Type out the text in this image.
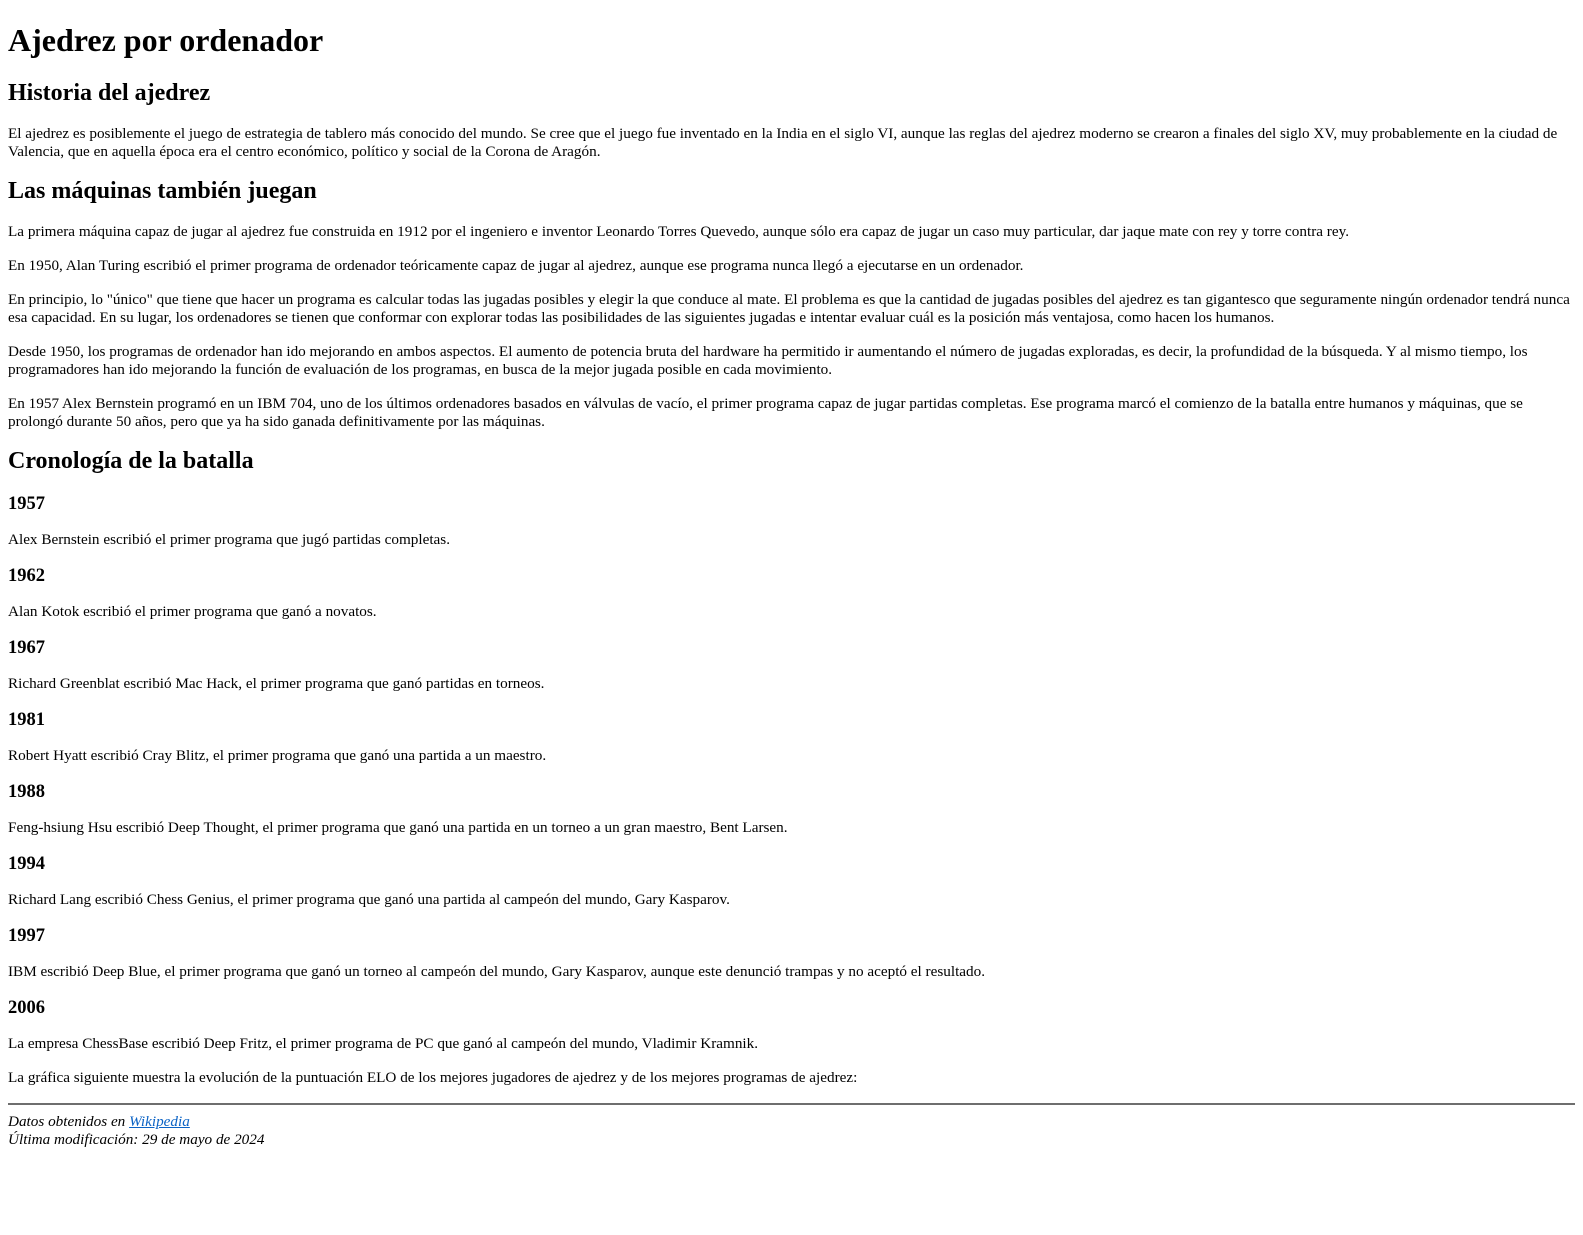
Ajedrez por ordenador
Historia del ajedrez

El ajedrez es posiblemente el juego de estrategia de tablero más conocido del mundo. Se cree que el juego fue inventado en la India en el siglo VI, aunque las reglas del ajedrez moderno se crearon a finales del siglo XV, muy probablemente en la ciudad de Valencia, que en aquella época era el centro económico, político y social de la Corona de Aragón.

Las máquinas también juegan

La primera máquina capaz de jugar al ajedrez fue construida en 1912 por el ingeniero e inventor Leonardo Torres Quevedo, aunque sólo era capaz de jugar un caso muy particular, dar jaque mate con rey y torre contra rey.

En 1950, Alan Turing escribió el primer programa de ordenador teóricamente capaz de jugar al ajedrez, aunque ese programa nunca llegó a ejecutarse en un ordenador.

En principio, lo "único" que tiene que hacer un programa es calcular todas las jugadas posibles y elegir la que conduce al mate. El problema es que la cantidad de jugadas posibles del ajedrez es tan gigantesco que seguramente ningún ordenador tendrá nunca esa capacidad. En su lugar, los ordenadores se tienen que conformar con explorar todas las posibilidades de las siguientes jugadas e intentar evaluar cuál es la posición más ventajosa, como hacen los humanos.

Desde 1950, los programas de ordenador han ido mejorando en ambos aspectos. El aumento de potencia bruta del hardware ha permitido ir aumentando el número de jugadas exploradas, es decir, la profundidad de la búsqueda. Y al mismo tiempo, los programadores han ido mejorando la función de evaluación de los programas, en busca de la mejor jugada posible en cada movimiento.

En 1957 Alex Bernstein programó en un IBM 704, uno de los últimos ordenadores basados en válvulas de vacío, el primer programa capaz de jugar partidas completas. Ese programa marcó el comienzo de la batalla entre humanos y máquinas, que se prolongó durante 50 años, pero que ya ha sido ganada definitivamente por las máquinas.

Cronología de la batalla
1957

Alex Bernstein escribió el primer programa que jugó partidas completas.

1962

Alan Kotok escribió el primer programa que ganó a novatos.

1967

Richard Greenblat escribió Mac Hack, el primer programa que ganó partidas en torneos.

1981

Robert Hyatt escribió Cray Blitz, el primer programa que ganó una partida a un maestro.

1988

Feng-hsiung Hsu escribió Deep Thought, el primer programa que ganó una partida en un torneo a un gran maestro, Bent Larsen.

1994

Richard Lang escribió Chess Genius, el primer programa que ganó una partida al campeón del mundo, Gary Kasparov.

1997

IBM escribió Deep Blue, el primer programa que ganó un torneo al campeón del mundo, Gary Kasparov, aunque este denunció trampas y no aceptó el resultado.

2006

La empresa ChessBase escribió Deep Fritz, el primer programa de PC que ganó al campeón del mundo, Vladimir Kramnik.

La gráfica siguiente muestra la evolución de la puntuación ELO de los mejores jugadores de ajedrez y de los mejores programas de ajedrez:

Datos obtenidos en Wikipedia
Última modificación: 29 de mayo de 2024
